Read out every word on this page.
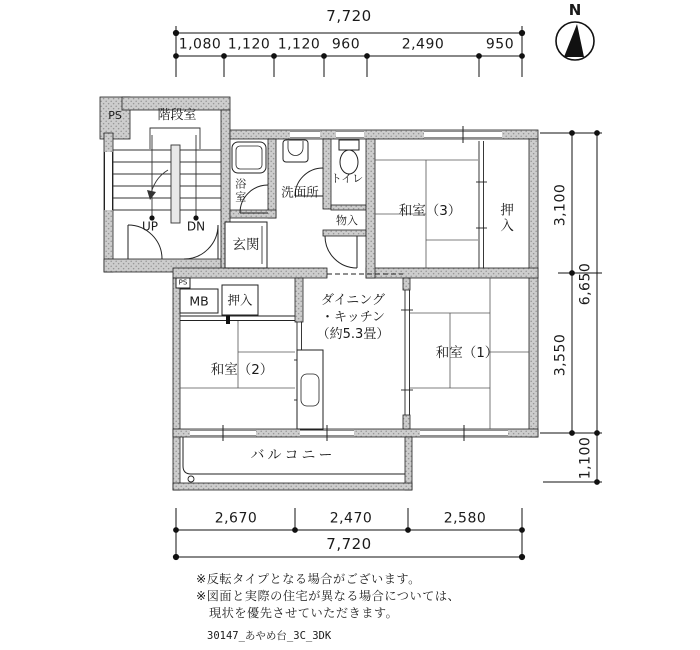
階段室
PS
UP DN
浴室	洗面所
トイレ
物入
玄関
和室（3）	押入
PS
MB 押入
和室（2）
ダイニング
・キッチン
（約5.3畳）
和室（1）
バルコニー
7,720
1,080 1,120 1,120 960	2,490	950
2,670	2,470	2,580
7,720
3,100
3,550
6,650
1,100
N
※反転タイプとなる場合がございます。
※図面と実際の住宅が異なる場合については、
現状を優先させていただきます。
30147_あやめ台_3C_3DK
